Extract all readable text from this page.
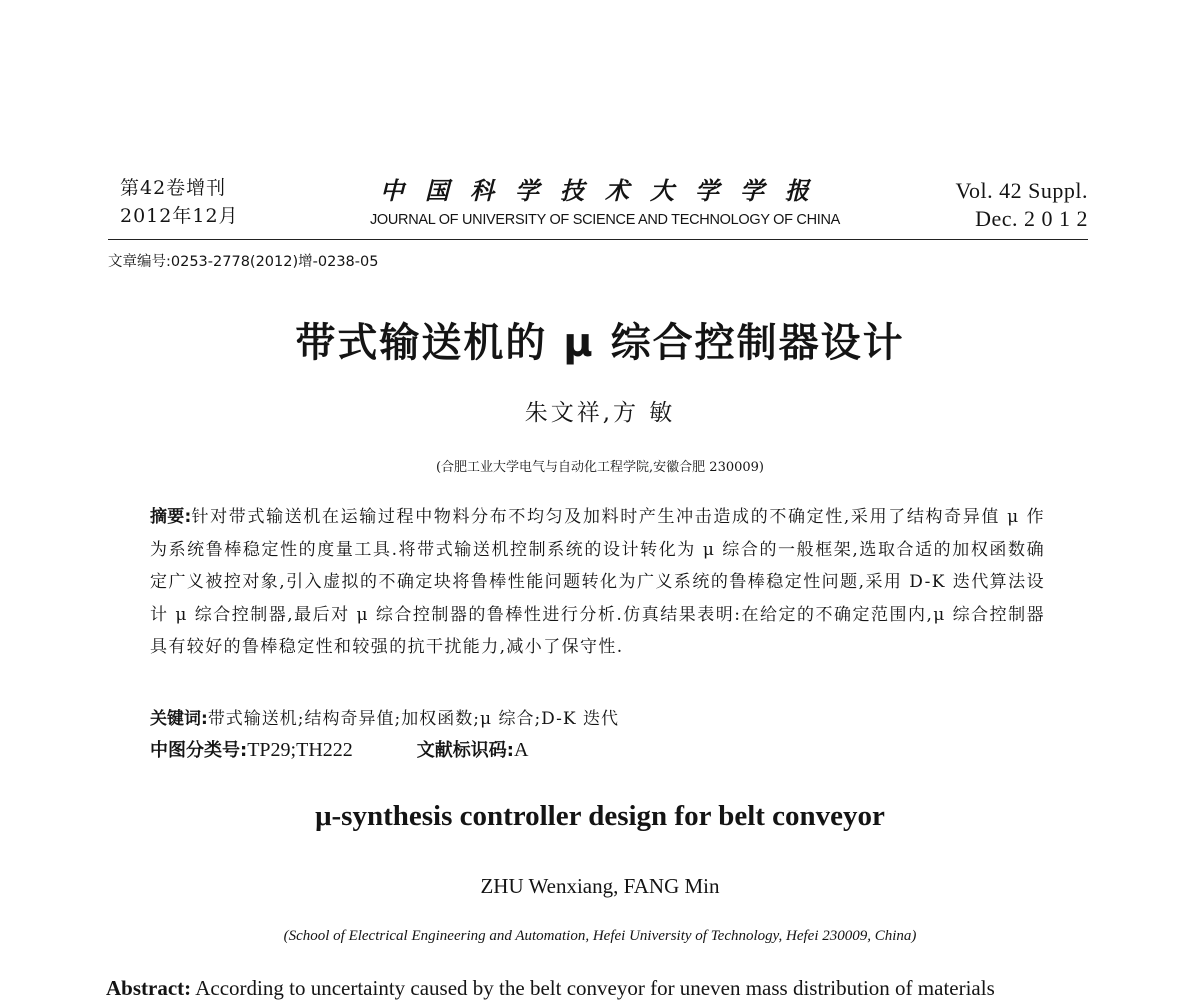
第42卷增刊
2012年12月
中国科学技术大学学报
JOURNAL OF UNIVERSITY OF SCIENCE AND TECHNOLOGY OF CHINA
Vol. 42 Suppl.
Dec. 2 0 1 2
文章编号:0253-2778(2012)增-0238-05
带式输送机的 μ 综合控制器设计
朱文祥,方 敏
(合肥工业大学电气与自动化工程学院,安徽合肥 230009)
摘要:针对带式输送机在运输过程中物料分布不均匀及加料时产生冲击造成的不确定性,采用了结构奇异值 μ 作为系统鲁棒稳定性的度量工具.将带式输送机控制系统的设计转化为 μ 综合的一般框架,选取合适的加权函数确定广义被控对象,引入虚拟的不确定块将鲁棒性能问题转化为广义系统的鲁棒稳定性问题,采用 D-K 迭代算法设计 μ 综合控制器,最后对 μ 综合控制器的鲁棒性进行分析.仿真结果表明:在给定的不确定范围内,μ 综合控制器具有较好的鲁棒稳定性和较强的抗干扰能力,减小了保守性.
关键词:带式输送机;结构奇异值;加权函数;μ 综合;D-K 迭代
中图分类号:TP29;TH222	文献标识码:A
μ-synthesis controller design for belt conveyor
ZHU Wenxiang, FANG Min
(School of Electrical Engineering and Automation, Hefei University of Technology, Hefei 230009, China)
Abstract: According to uncertainty caused by the belt conveyor for uneven mass distribution of materials
